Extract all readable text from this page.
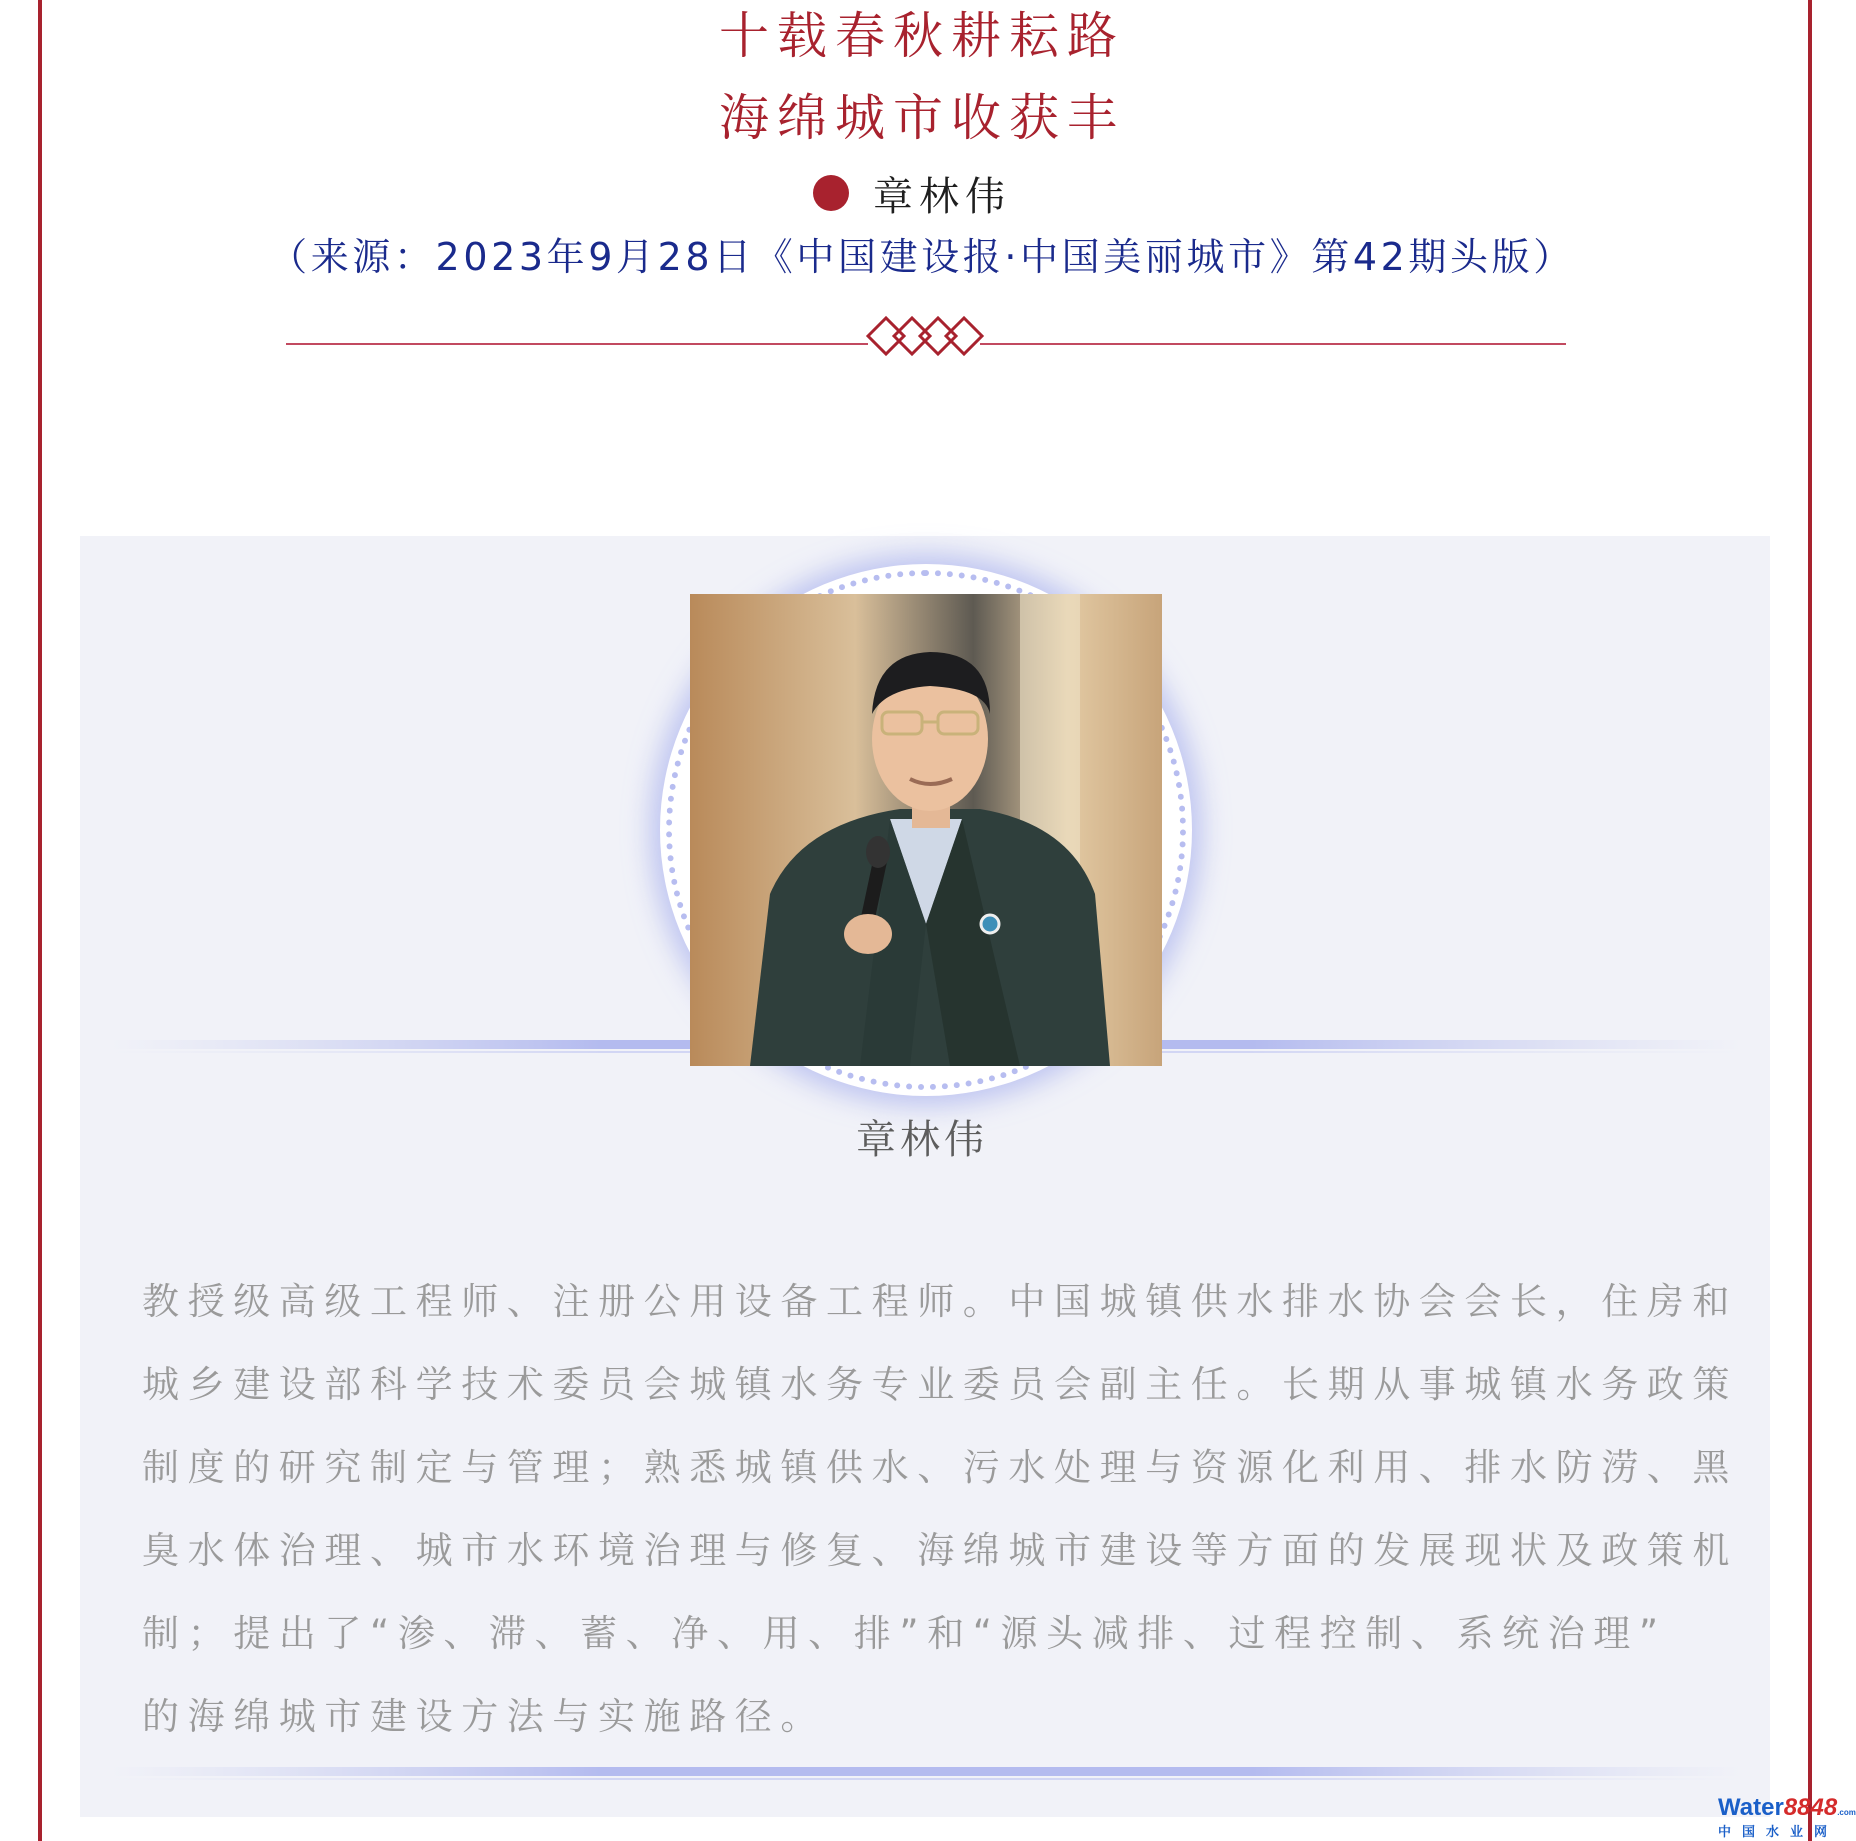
十载春秋耕耘路
海绵城市收获丰
章林伟
（来源：2023年9月28日《中国建设报·中国美丽城市》第42期头版）
章林伟
教授级高级工程师、注册公用设备工程师。中国城镇供水排水协会会长，住房和
城乡建设部科学技术委员会城镇水务专业委员会副主任。长期从事城镇水务政策
制度的研究制定与管理；熟悉城镇供水、污水处理与资源化利用、排水防涝、黑
臭水体治理、城市水环境治理与修复、海绵城市建设等方面的发展现状及政策机
制；提出了“渗、滞、蓄、净、用、排”和“源头减排、过程控制、系统治理”
的海绵城市建设方法与实施路径。
Water8848.com
中国水业网
